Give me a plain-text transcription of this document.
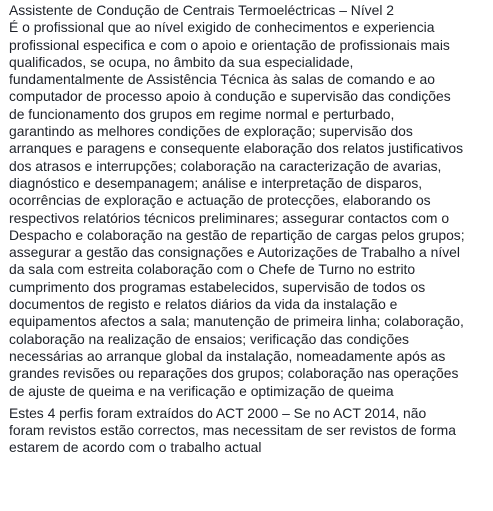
Assistente de Condução de Centrais Termoeléctricas – Nível 2
É o profissional que ao nível exigido de conhecimentos e experiencia
profissional especifica e com o apoio e orientação de profissionais mais
qualificados, se ocupa, no âmbito da sua especialidade,
fundamentalmente de Assistência Técnica às salas de comando e ao
computador de processo apoio à condução e supervisão das condições
de funcionamento dos grupos em regime normal e perturbado,
garantindo as melhores condições de exploração; supervisão dos
arranques e paragens e consequente elaboração dos relatos justificativos
dos atrasos e interrupções; colaboração na caracterização de avarias,
diagnóstico e desempanagem; análise e interpretação de disparos,
ocorrências de exploração e actuação de protecções, elaborando os
respectivos relatórios técnicos preliminares; assegurar contactos com o
Despacho e colaboração na gestão de repartição de cargas pelos grupos;
assegurar a gestão das consignações e Autorizações de Trabalho a nível
da sala com estreita colaboração com o Chefe de Turno no estrito
cumprimento dos programas estabelecidos, supervisão de todos os
documentos de registo e relatos diários da vida da instalação e
equipamentos afectos a sala; manutenção de primeira linha; colaboração,
colaboração na realização de ensaios; verificação das condições
necessárias ao arranque global da instalação, nomeadamente após as
grandes revisões ou reparações dos grupos; colaboração nas operações
de ajuste de queima e na verificação e optimização de queima

Estes 4 perfis foram extraídos do ACT 2000 – Se no ACT 2014, não
foram revistos estão correctos, mas necessitam de ser revistos de forma
estarem de acordo com o trabalho actual
